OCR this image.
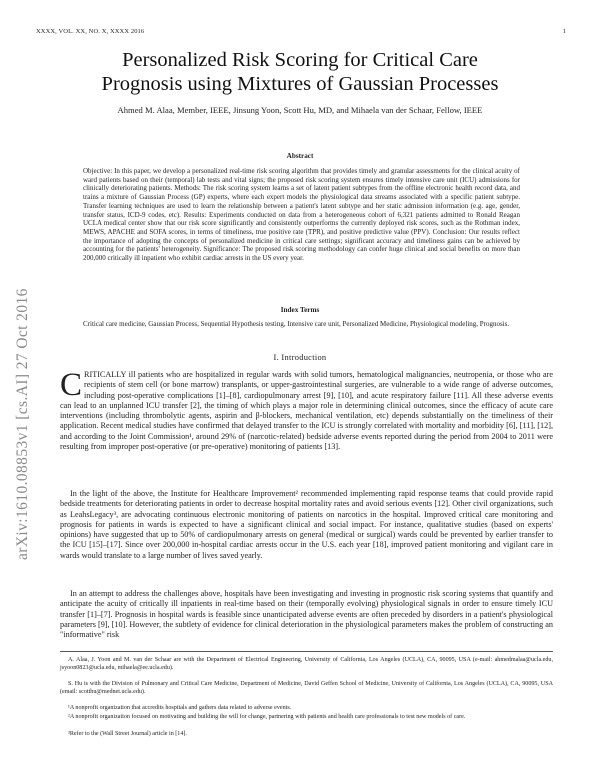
XXXX, VOL. XX, NO. X, XXXX 2016	1
arXiv:1610.08853v1 [cs.AI] 27 Oct 2016
Personalized Risk Scoring for Critical Care
Prognosis using Mixtures of Gaussian Processes
Ahmed M. Alaa, Member, IEEE, Jinsung Yoon, Scott Hu, MD, and Mihaela van der Schaar, Fellow, IEEE
Abstract
Objective: In this paper, we develop a personalized real-time risk scoring algorithm that provides timely and granular assessments for the clinical acuity of ward patients based on their (temporal) lab tests and vital signs; the proposed risk scoring system ensures timely intensive care unit (ICU) admissions for clinically deteriorating patients. Methods: The risk scoring system learns a set of latent patient subtypes from the offline electronic health record data, and trains a mixture of Gaussian Process (GP) experts, where each expert models the physiological data streams associated with a specific patient subtype. Transfer learning techniques are used to learn the relationship between a patient's latent subtype and her static admission information (e.g. age, gender, transfer status, ICD-9 codes, etc). Results: Experiments conducted on data from a heterogeneous cohort of 6,321 patients admitted to Ronald Reagan UCLA medical center show that our risk score significantly and consistently outperforms the currently deployed risk scores, such as the Rothman index, MEWS, APACHE and SOFA scores, in terms of timeliness, true positive rate (TPR), and positive predictive value (PPV). Conclusion: Our results reflect the importance of adopting the concepts of personalized medicine in critical care settings; significant accuracy and timeliness gains can be achieved by accounting for the patients' heterogeneity. Significance: The proposed risk scoring methodology can confer huge clinical and social benefits on more than 200,000 critically ill inpatient who exhibit cardiac arrests in the US every year.
Index Terms
Critical care medicine, Gaussian Process, Sequential Hypothesis testing, Intensive care unit, Personalized Medicine, Physiological modeling, Prognosis.
I. Introduction
C RITICALLY ill patients who are hospitalized in regular wards with solid tumors, hematological malignancies, neutropenia, or those who are recipients of stem cell (or bone marrow) transplants, or upper-gastrointestinal surgeries, are vulnerable to a wide range of adverse outcomes, including post-operative complications [1]–[8], cardiopulmonary arrest [9], [10], and acute respiratory failure [11]. All these adverse events can lead to an unplanned ICU transfer [2], the timing of which plays a major role in determining clinical outcomes, since the efficacy of acute care interventions (including thrombolytic agents, aspirin and β-blockers, mechanical ventilation, etc) depends substantially on the timeliness of their application. Recent medical studies have confirmed that delayed transfer to the ICU is strongly correlated with mortality and morbidity [6], [11], [12], and according to the Joint Commission¹, around 29% of (narcotic-related) bedside adverse events reported during the period from 2004 to 2011 were resulting from improper post-operative (or pre-operative) monitoring of patients [13].
In the light of the above, the Institute for Healthcare Improvement² recommended implementing rapid response teams that could provide rapid bedside treatments for deteriorating patients in order to decrease hospital mortality rates and avoid serious events [12]. Other civil organizations, such as LeahsLegacy³, are advocating continuous electronic monitoring of patients on narcotics in the hospital. Improved critical care monitoring and prognosis for patients in wards is expected to have a significant clinical and social impact. For instance, qualitative studies (based on experts' opinions) have suggested that up to 50% of cardiopulmonary arrests on general (medical or surgical) wards could be prevented by earlier transfer to the ICU [15]–[17]. Since over 200,000 in-hospital cardiac arrests occur in the U.S. each year [18], improved patient monitoring and vigilant care in wards would translate to a large number of lives saved yearly.
In an attempt to address the challenges above, hospitals have been investigating and investing in prognostic risk scoring systems that quantify and anticipate the acuity of critically ill inpatients in real-time based on their (temporally evolving) physiological signals in order to ensure timely ICU transfer [1]–[7]. Prognosis in hospital wards is feasible since unanticipated adverse events are often preceded by disorders in a patient's physiological parameters [9], [10]. However, the subtlety of evidence for clinical deterioration in the physiological parameters makes the problem of constructing an "informative" risk
A. Alaa, J. Yoon and M. van der Schaar are with the Department of Electrical Engineering, University of California, Los Angeles (UCLA), CA, 90095, USA (e-mail: ahmedmalaa@ucla.edu, jsyoon0823@ucla.edu, mihaela@ee.ucla.edu).
S. Hu is with the Division of Pulmonary and Critical Care Medicine, Department of Medicine, David Geffen School of Medicine, University of California, Los Angeles (UCLA), CA, 90095, USA (email: scotthu@mednet.ucla.edu).
¹A nonprofit organization that accredits hospitals and gathers data related to adverse events.
²A nonprofit organization focused on motivating and building the will for change, partnering with patients and health care professionals to test new models of care.
³Refer to the (Wall Street Journal) article in [14].
